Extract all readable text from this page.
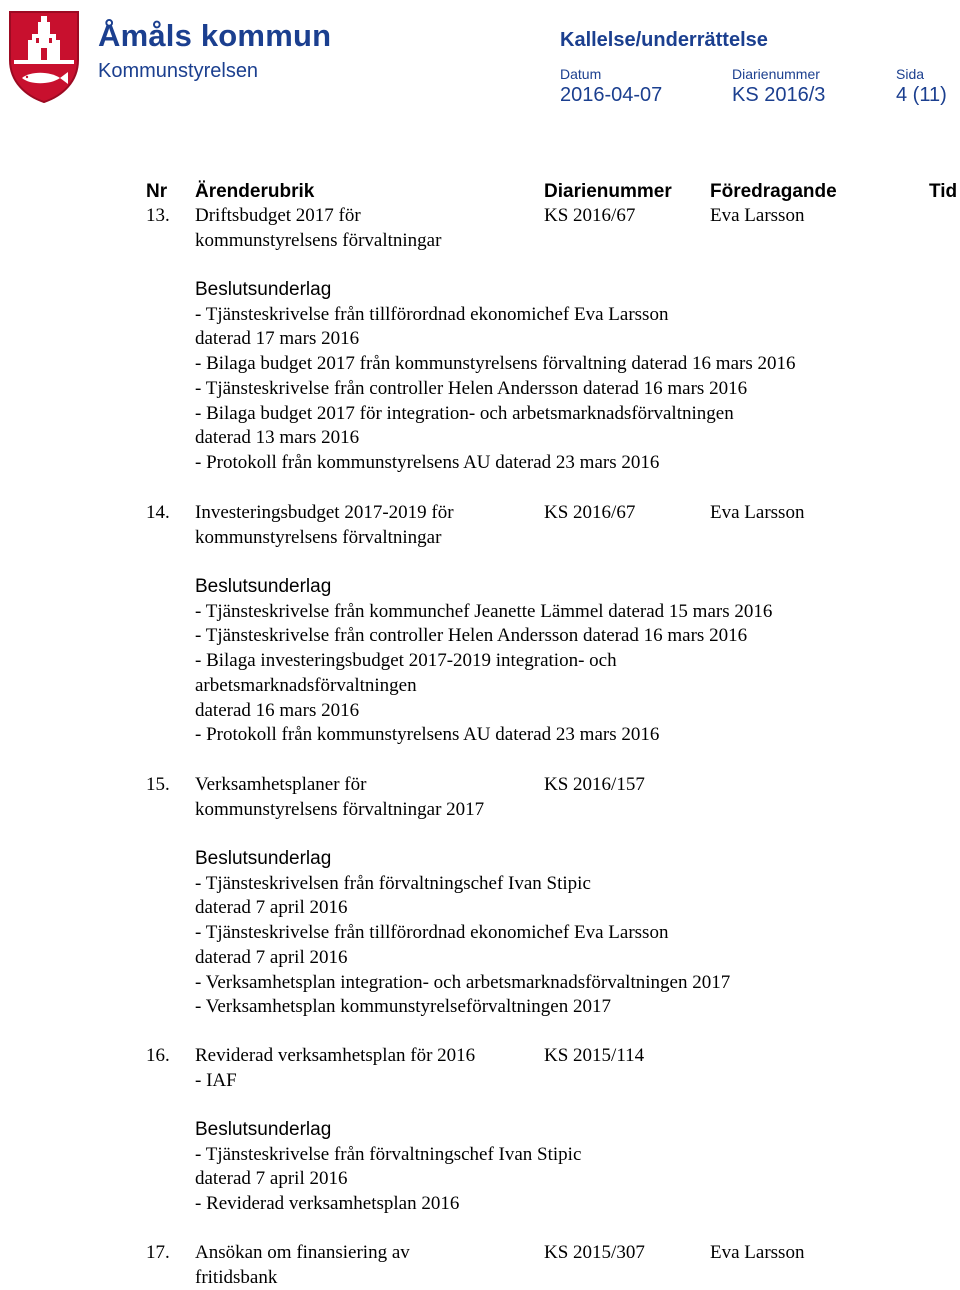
Åmåls kommun
Kommunstyrelsen
Kallelse/underrättelse
Datum	Diarienummer	Sida
2016-04-07	KS 2016/3	4 (11)
Nr Ärenderubrik	Diarienummer Föredragande	Tid
13. Driftsbudget 2017 för
kommunstyrelsens förvaltningar
KS 2016/67	Eva Larsson
Beslutsunderlag
- Tjänsteskrivelse från tillförordnad ekonomichef Eva Larsson
daterad 17 mars 2016
- Bilaga budget 2017 från kommunstyrelsens förvaltning daterad 16 mars 2016
- Tjänsteskrivelse från controller Helen Andersson daterad 16 mars 2016
- Bilaga budget 2017 för integration- och arbetsmarknadsförvaltningen
daterad 13 mars 2016
- Protokoll från kommunstyrelsens AU daterad 23 mars 2016
14. Investeringsbudget 2017-2019 för
kommunstyrelsens förvaltningar
KS 2016/67	Eva Larsson
Beslutsunderlag
- Tjänsteskrivelse från kommunchef Jeanette Lämmel daterad 15 mars 2016
- Tjänsteskrivelse från controller Helen Andersson daterad 16 mars 2016
- Bilaga investeringsbudget 2017-2019 integration- och
arbetsmarknadsförvaltningen
daterad 16 mars 2016
- Protokoll från kommunstyrelsens AU daterad 23 mars 2016
15. Verksamhetsplaner för
kommunstyrelsens förvaltningar 2017
KS 2016/157
Beslutsunderlag
- Tjänsteskrivelsen från förvaltningschef Ivan Stipic
daterad 7 april 2016
- Tjänsteskrivelse från tillförordnad ekonomichef Eva Larsson
daterad 7 april 2016
- Verksamhetsplan integration- och arbetsmarknadsförvaltningen 2017
- Verksamhetsplan kommunstyrelseförvaltningen 2017
16. Reviderad verksamhetsplan för 2016
- IAF
KS 2015/114
Beslutsunderlag
- Tjänsteskrivelse från förvaltningschef Ivan Stipic
daterad 7 april 2016
- Reviderad verksamhetsplan 2016
17. Ansökan om finansiering av
fritidsbank
KS 2015/307	Eva Larsson
